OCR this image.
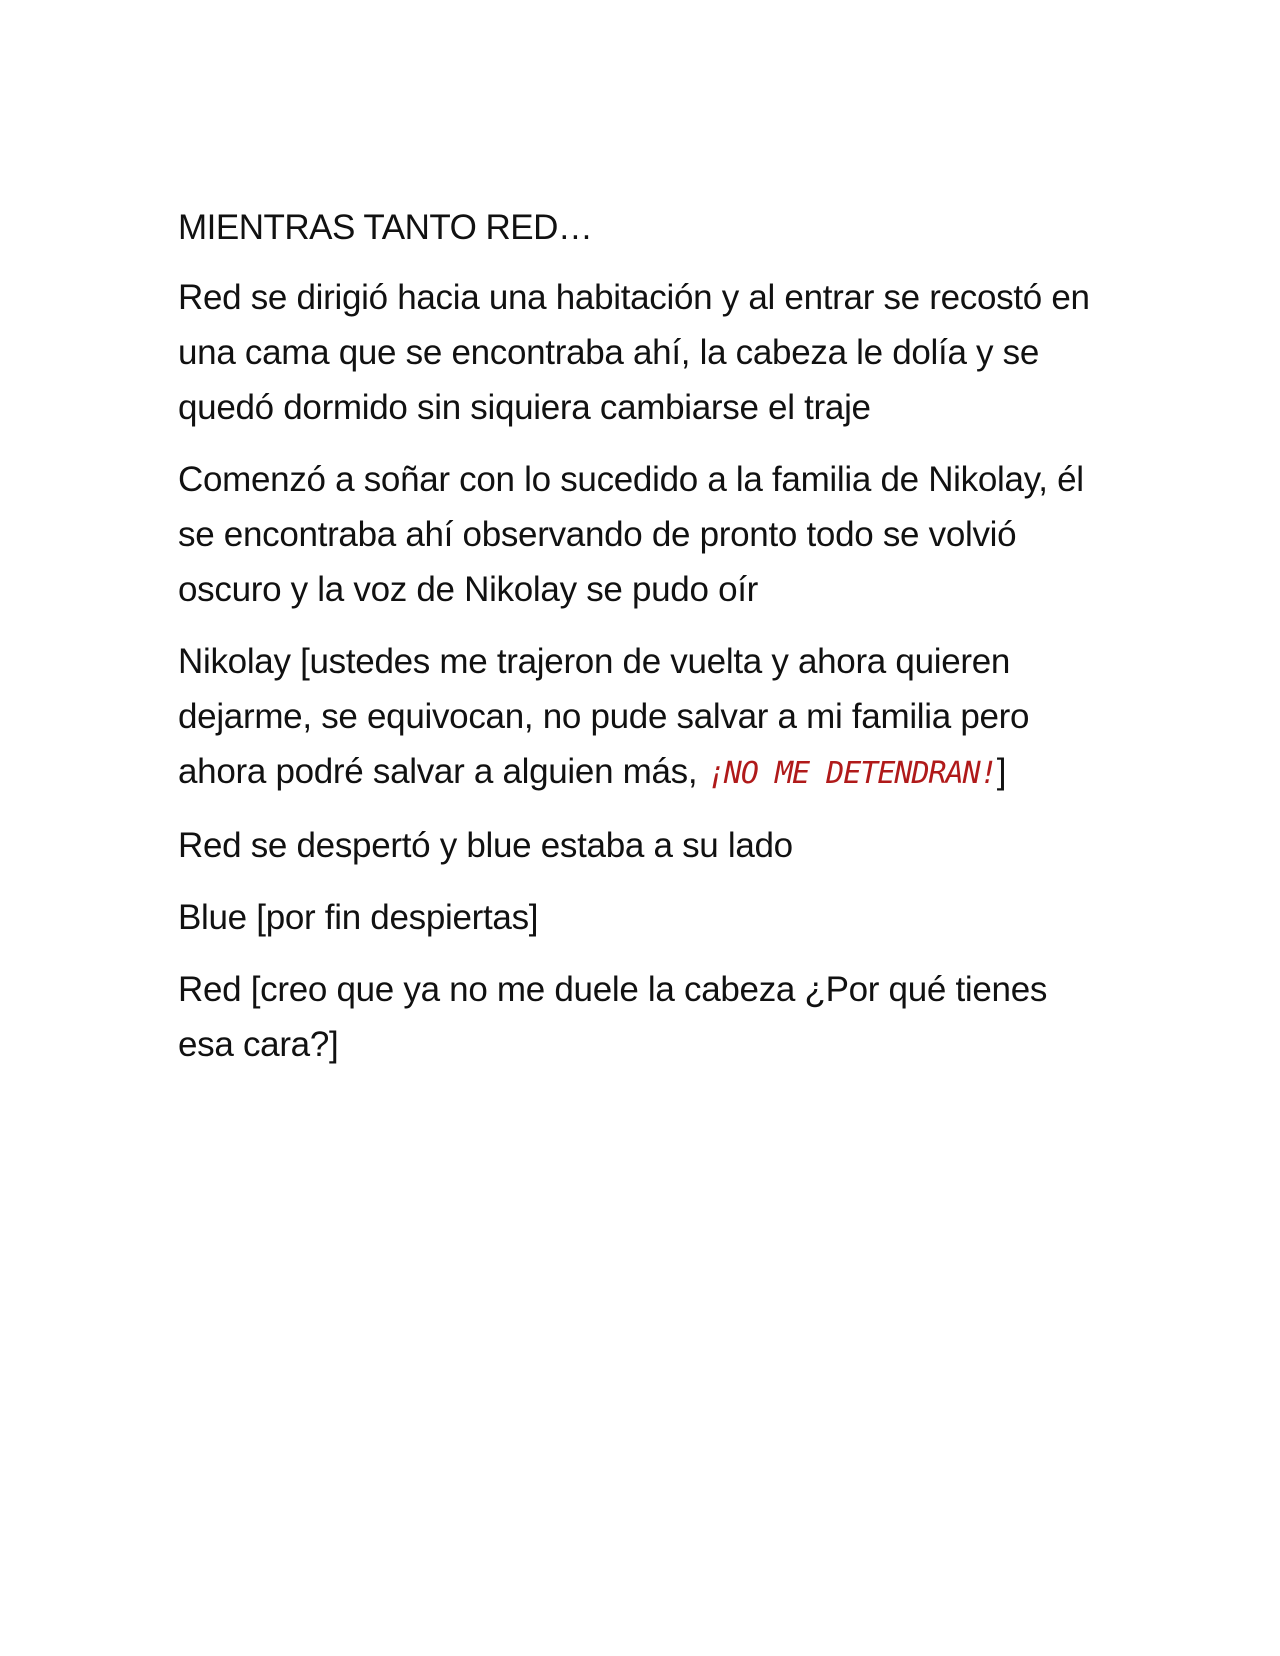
MIENTRAS TANTO RED…

Red se dirigió hacia una habitación y al entrar se recostó en una cama que se encontraba ahí, la cabeza le dolía y se quedó dormido sin siquiera cambiarse el traje

Comenzó a soñar con lo sucedido a la familia de Nikolay, él se encontraba ahí observando de pronto todo se volvió oscuro y la voz de Nikolay se pudo oír

Nikolay [ustedes me trajeron de vuelta y ahora quieren dejarme, se equivocan, no pude salvar a mi familia pero ahora podré salvar a alguien más, ¡NO ME DETENDRAN!]

Red se despertó y blue estaba a su lado

Blue [por fin despiertas]

Red [creo que ya no me duele la cabeza ¿Por qué tienes esa cara?]
